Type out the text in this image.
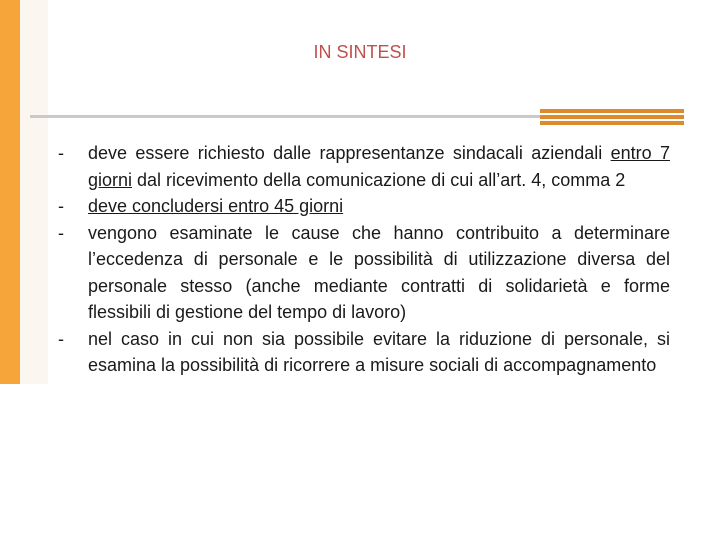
IN SINTESI
- deve essere richiesto dalle rappresentanze sindacali aziendali entro 7 giorni dal ricevimento della comunicazione di cui all’art. 4, comma 2
- deve concludersi entro 45 giorni
- vengono esaminate le cause che hanno contribuito a determinare l’eccedenza di personale e le possibilità di utilizzazione diversa del personale stesso (anche mediante contratti di solidarietà e forme flessibili di gestione del tempo di lavoro)
- nel caso in cui non sia possibile evitare la riduzione di personale, si esamina la possibilità di ricorrere a misure sociali di accompagnamento
